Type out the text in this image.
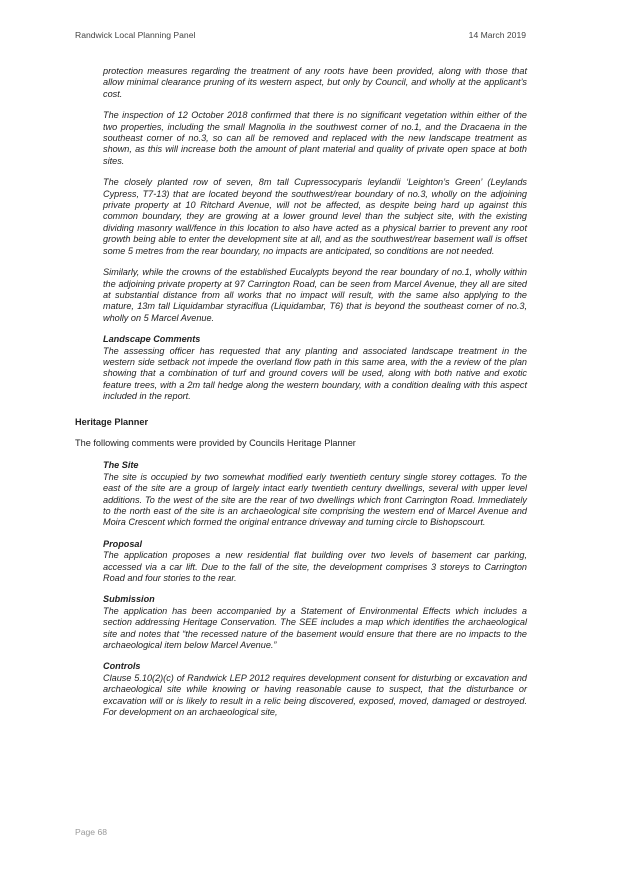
Randwick Local Planning Panel	14 March 2019

protection measures regarding the treatment of any roots have been provided, along with those that allow minimal clearance pruning of its western aspect, but only by Council, and wholly at the applicant’s cost.

The inspection of 12 October 2018 confirmed that there is no significant vegetation within either of the two properties, including the small Magnolia in the southwest corner of no.1, and the Dracaena in the southeast corner of no.3, so can all be removed and replaced with the new landscape treatment as shown, as this will increase both the amount of plant material and quality of private open space at both sites.

The closely planted row of seven, 8m tall Cupressocyparis leylandii ‘Leighton’s Green’ (Leylands Cypress, T7-13) that are located beyond the southwest/rear boundary of no.3, wholly on the adjoining private property at 10 Ritchard Avenue, will not be affected, as despite being hard up against this common boundary, they are growing at a lower ground level than the subject site, with the existing dividing masonry wall/fence in this location to also have acted as a physical barrier to prevent any root growth being able to enter the development site at all, and as the southwest/rear basement wall is offset some 5 metres from the rear boundary, no impacts are anticipated, so conditions are not needed.

Similarly, while the crowns of the established Eucalypts beyond the rear boundary of no.1, wholly within the adjoining private property at 97 Carrington Road, can be seen from Marcel Avenue, they all are sited at substantial distance from all works that no impact will result, with the same also applying to the mature, 13m tall Liquidambar styraciflua (Liquidambar, T6) that is beyond the southeast corner of no.3, wholly on 5 Marcel Avenue.

Landscape Comments

The assessing officer has requested that any planting and associated landscape treatment in the western side setback not impede the overland flow path in this same area, with the a review of the plan showing that a combination of turf and ground covers will be used, along with both native and exotic feature trees, with a 2m tall hedge along the western boundary, with a condition dealing with this aspect included in the report.

Heritage Planner
The following comments were provided by Councils Heritage Planner
The Site

The site is occupied by two somewhat modified early twentieth century single storey cottages. To the east of the site are a group of largely intact early twentieth century dwellings, several with upper level additions. To the west of the site are the rear of two dwellings which front Carrington Road. Immediately to the north east of the site is an archaeological site comprising the western end of Marcel Avenue and Moira Crescent which formed the original entrance driveway and turning circle to Bishopscourt.

Proposal

The application proposes a new residential flat building over two levels of basement car parking, accessed via a car lift. Due to the fall of the site, the development comprises 3 storeys to Carrington Road and four stories to the rear.

Submission

The application has been accompanied by a Statement of Environmental Effects which includes a section addressing Heritage Conservation. The SEE includes a map which identifies the archaeological site and notes that “the recessed nature of the basement would ensure that there are no impacts to the archaeological item below Marcel Avenue.”

Controls

Clause 5.10(2)(c) of Randwick LEP 2012 requires development consent for disturbing or excavation and archaeological site while knowing or having reasonable cause to suspect, that the disturbance or excavation will or is likely to result in a relic being discovered, exposed, moved, damaged or destroyed. For development on an archaeological site,

Page 68
